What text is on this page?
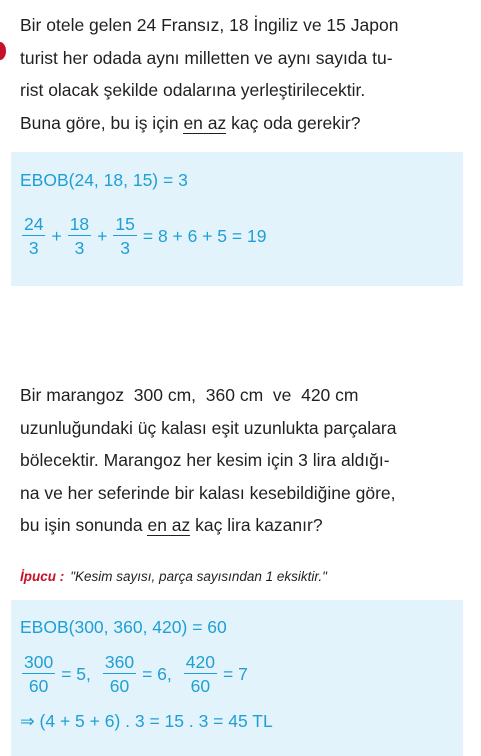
Bir otele gelen 24 Fransız, 18 İngiliz ve 15 Japon
turist her odada aynı milletten ve aynı sayıda tu-
rist olacak şekilde odalarına yerleştirilecektir.
Buna göre, bu iş için en az kaç oda gerekir?
EBOB(24, 18, 15) = 3
$\frac{24}{3} + \frac{18}{3} + \frac{15}{3} = 8 + 6 + 5 = 19$
Bir marangoz  300 cm,  360 cm  ve  420 cm
uzunluğundaki üç kalası eşit uzunlukta parçalara
bölecektir. Marangoz her kesim için 3 lira aldığı-
na ve her seferinde bir kalası kesebildiğine göre,
bu işin sonunda en az kaç lira kazanır?
İpucu : "Kesim sayısı, parça sayısından 1 eksiktir."
EBOB(300, 360, 420) = 60
$\frac{300}{60} = 5$, $\frac{360}{60} = 6$, $\frac{420}{60} = 7$
⇒ (4 + 5 + 6) . 3 = 15 . 3 = 45 TL
